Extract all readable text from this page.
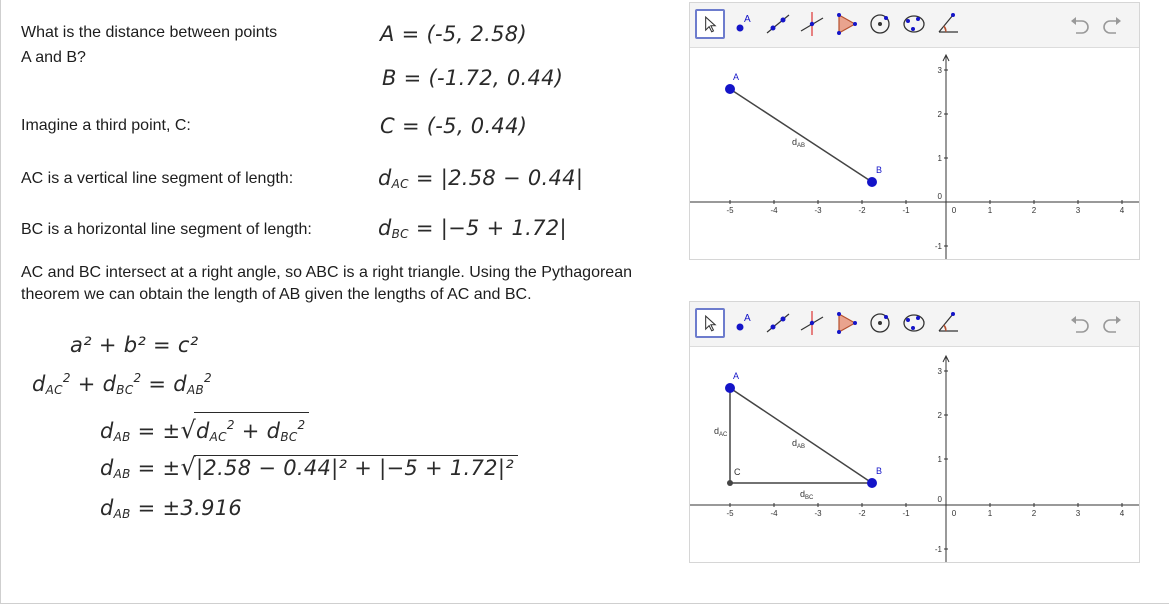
What is the distance between points
A and B?
Imagine a third point, C:
AC is a vertical line segment of length:
BC is a horizontal line segment of length:
AC and BC intersect at a right angle, so ABC is a right triangle. Using the Pythagorean
theorem we can obtain the length of AB given the lengths of AC and BC.
A = (-5, 2.58)
B = (-1.72, 0.44)
C = (-5, 0.44)
$d_{AC} = |2.58 - 0.44|$
$d_{BC} = |-5 + 1.72|$
a² + b² = c²
$d_{AC}^2 + d_{BC}^2 = d_{AB}^2$
$d_{AB} = \pm√d_{AC}^2 + d_{BC}^2$
$d_{AB} = \pm√|2.58 - 0.44|^2 + |-5 + 1.72|^2$
$d_{AB} = \pm 3.916$
A
-5	-4	-3	-2	-1	0	1	2	3	4
3
2
1
0
-1
$d_{AB}$
A
B
A
-5	-4	-3	-2	-1	0	1	2	3	4
3
2
1
0
-1
$d_{AB}$
$d_{AC}$
$d_{BC}$
A
B
C
